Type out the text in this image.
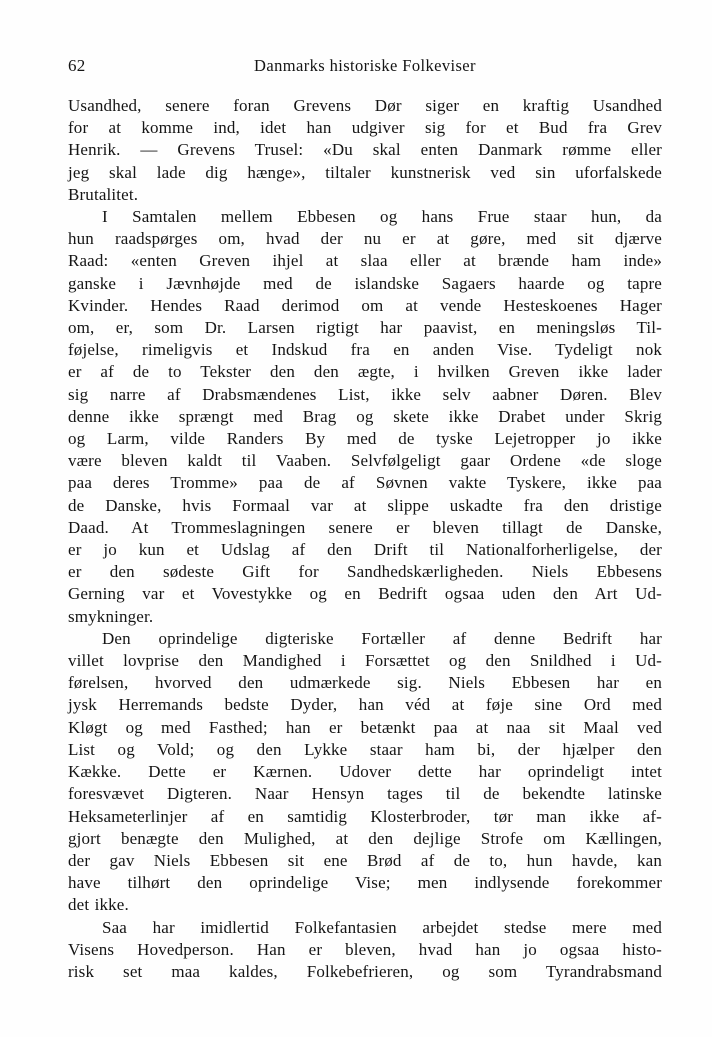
62	Danmarks historiske Folkeviser
Usandhed, senere foran Grevens Dør siger en kraftig Usandhed
for at komme ind, idet han udgiver sig for et Bud fra Grev
Henrik. — Grevens Trusel: «Du skal enten Danmark rømme eller
jeg skal lade dig hænge», tiltaler kunstnerisk ved sin uforfalskede
Brutalitet.
I Samtalen mellem Ebbesen og hans Frue staar hun, da
hun raadspørges om, hvad der nu er at gøre, med sit djærve
Raad: «enten Greven ihjel at slaa eller at brænde ham inde»
ganske i Jævnhøjde med de islandske Sagaers haarde og tapre
Kvinder. Hendes Raad derimod om at vende Hesteskoenes Hager
om, er, som Dr. Larsen rigtigt har paavist, en meningsløs Til-
føjelse, rimeligvis et Indskud fra en anden Vise. Tydeligt nok
er af de to Tekster den den ægte, i hvilken Greven ikke lader
sig narre af Drabsmændenes List, ikke selv aabner Døren. Blev
denne ikke sprængt med Brag og skete ikke Drabet under Skrig
og Larm, vilde Randers By med de tyske Lejetropper jo ikke
være bleven kaldt til Vaaben. Selvfølgeligt gaar Ordene «de sloge
paa deres Tromme» paa de af Søvnen vakte Tyskere, ikke paa
de Danske, hvis Formaal var at slippe uskadte fra den dristige
Daad. At Trommeslagningen senere er bleven tillagt de Danske,
er jo kun et Udslag af den Drift til Nationalforherligelse, der
er den sødeste Gift for Sandhedskærligheden. Niels Ebbesens
Gerning var et Vovestykke og en Bedrift ogsaa uden den Art Ud-
smykninger.
Den oprindelige digteriske Fortæller af denne Bedrift har
villet lovprise den Mandighed i Forsættet og den Snildhed i Ud-
førelsen, hvorved den udmærkede sig. Niels Ebbesen har en
jysk Herremands bedste Dyder, han véd at føje sine Ord med
Kløgt og med Fasthed; han er betænkt paa at naa sit Maal ved
List og Vold; og den Lykke staar ham bi, der hjælper den
Kække. Dette er Kærnen. Udover dette har oprindeligt intet
foresvævet Digteren. Naar Hensyn tages til de bekendte latinske
Heksameterlinjer af en samtidig Klosterbroder, tør man ikke af-
gjort benægte den Mulighed, at den dejlige Strofe om Kællingen,
der gav Niels Ebbesen sit ene Brød af de to, hun havde, kan
have tilhørt den oprindelige Vise; men indlysende forekommer
det ikke.
Saa har imidlertid Folkefantasien arbejdet stedse mere med
Visens Hovedperson. Han er bleven, hvad han jo ogsaa histo-
risk set maa kaldes, Folkebefrieren, og som Tyrandrabsmand
